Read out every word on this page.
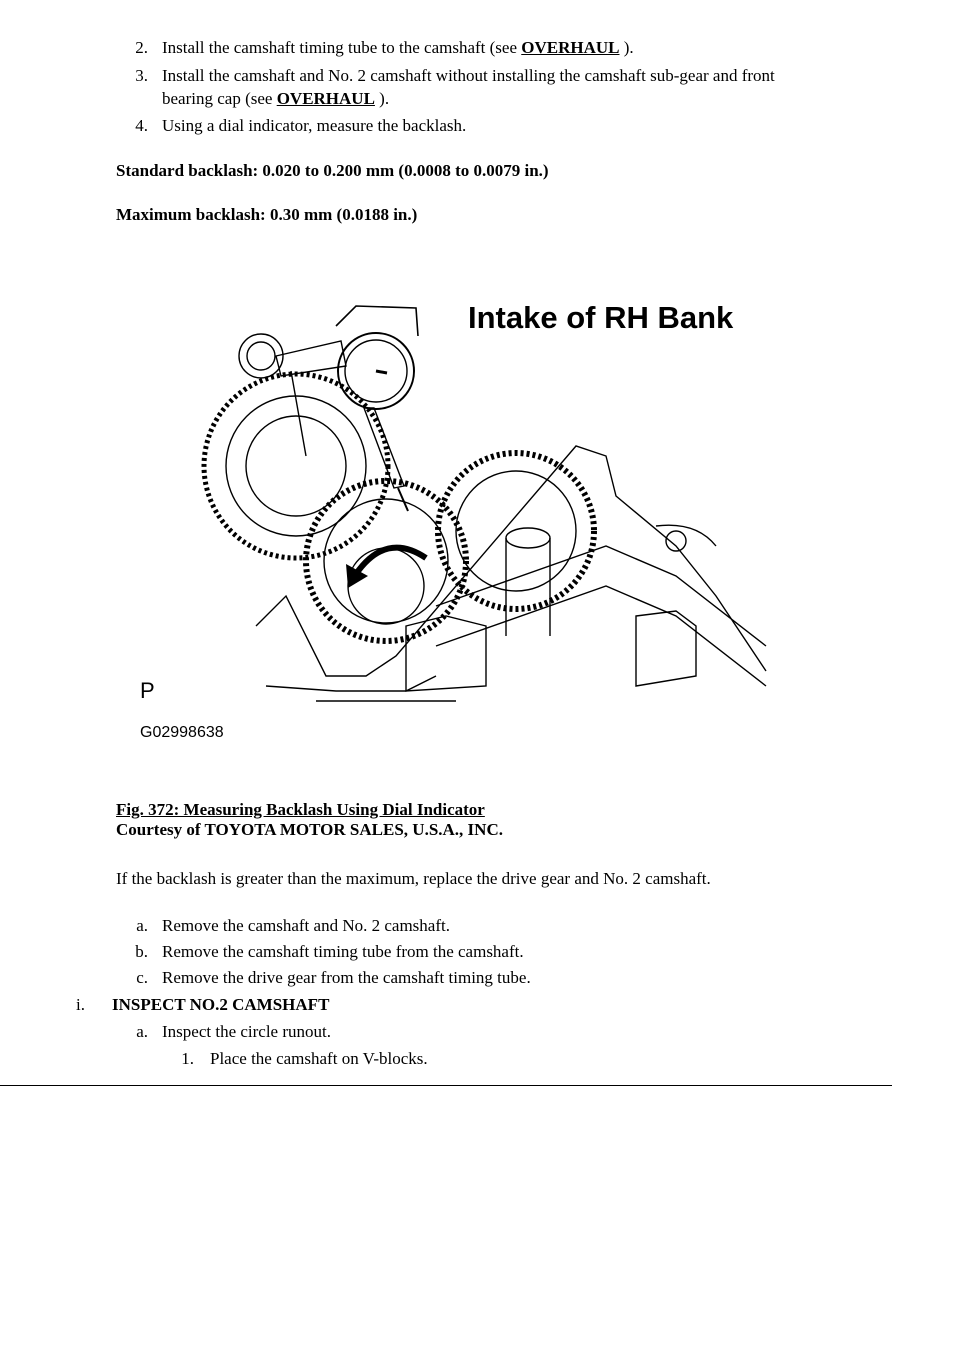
2. Install the camshaft timing tube to the camshaft (see OVERHAUL ).
3. Install the camshaft and No. 2 camshaft without installing the camshaft sub-gear and front
bearing cap (see OVERHAUL ).
4. Using a dial indicator, measure the backlash.
Standard backlash: 0.020 to 0.200 mm (0.0008 to 0.0079 in.)
Maximum backlash: 0.30 mm (0.0188 in.)
Intake of RH Bank
P
G02998638
Fig. 372: Measuring Backlash Using Dial Indicator
Courtesy of TOYOTA MOTOR SALES, U.S.A., INC.
If the backlash is greater than the maximum, replace the drive gear and No. 2 camshaft.
a. Remove the camshaft and No. 2 camshaft.
b. Remove the camshaft timing tube from the camshaft.
c. Remove the drive gear from the camshaft timing tube.
i. INSPECT NO.2 CAMSHAFT
a. Inspect the circle runout.
1. Place the camshaft on V-blocks.
